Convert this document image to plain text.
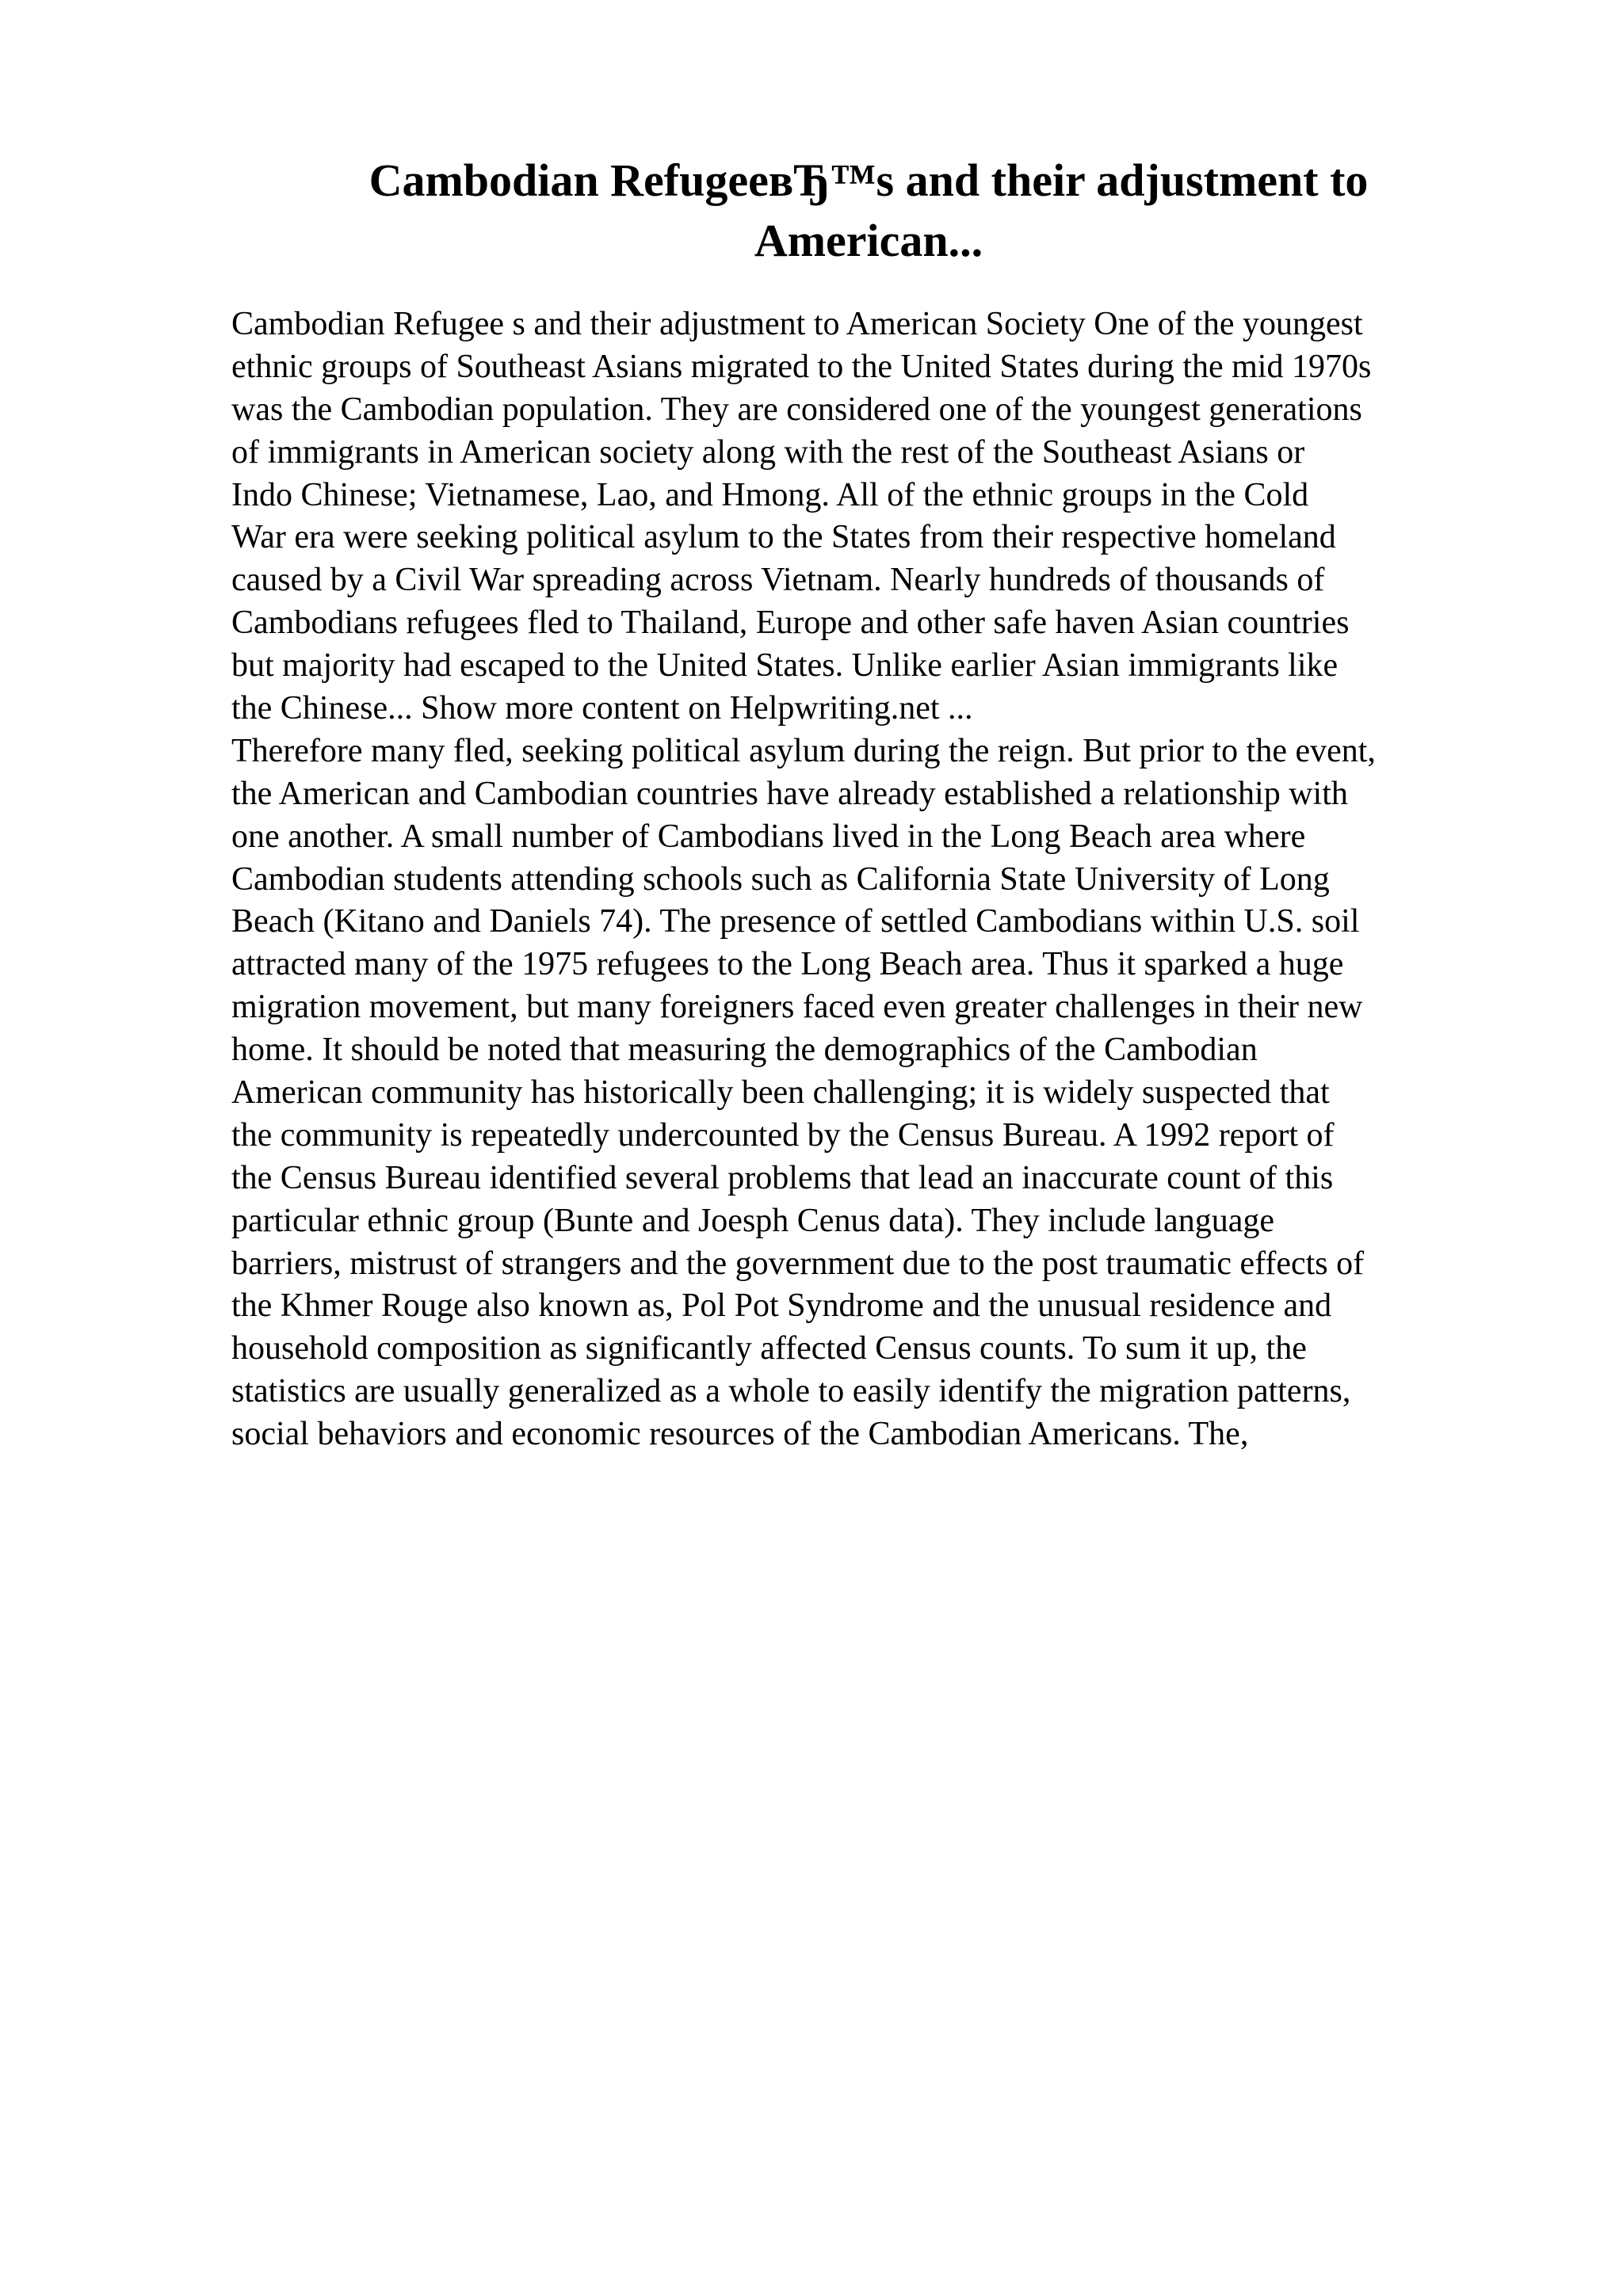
Cambodian RefugeeвЂ™s and their adjustment to
American...
Cambodian Refugee s and their adjustment to American Society One of the youngest
ethnic groups of Southeast Asians migrated to the United States during the mid 1970s
was the Cambodian population. They are considered one of the youngest generations
of immigrants in American society along with the rest of the Southeast Asians or
Indo Chinese; Vietnamese, Lao, and Hmong. All of the ethnic groups in the Cold
War era were seeking political asylum to the States from their respective homeland
caused by a Civil War spreading across Vietnam. Nearly hundreds of thousands of
Cambodians refugees fled to Thailand, Europe and other safe haven Asian countries
but majority had escaped to the United States. Unlike earlier Asian immigrants like
the Chinese... Show more content on Helpwriting.net ...
Therefore many fled, seeking political asylum during the reign. But prior to the event,
the American and Cambodian countries have already established a relationship with
one another. A small number of Cambodians lived in the Long Beach area where
Cambodian students attending schools such as California State University of Long
Beach (Kitano and Daniels 74). The presence of settled Cambodians within U.S. soil
attracted many of the 1975 refugees to the Long Beach area. Thus it sparked a huge
migration movement, but many foreigners faced even greater challenges in their new
home. It should be noted that measuring the demographics of the Cambodian
American community has historically been challenging; it is widely suspected that
the community is repeatedly undercounted by the Census Bureau. A 1992 report of
the Census Bureau identified several problems that lead an inaccurate count of this
particular ethnic group (Bunte and Joesph Cenus data). They include language
barriers, mistrust of strangers and the government due to the post traumatic effects of
the Khmer Rouge also known as, Pol Pot Syndrome and the unusual residence and
household composition as significantly affected Census counts. To sum it up, the
statistics are usually generalized as a whole to easily identify the migration patterns,
social behaviors and economic resources of the Cambodian Americans. The,
